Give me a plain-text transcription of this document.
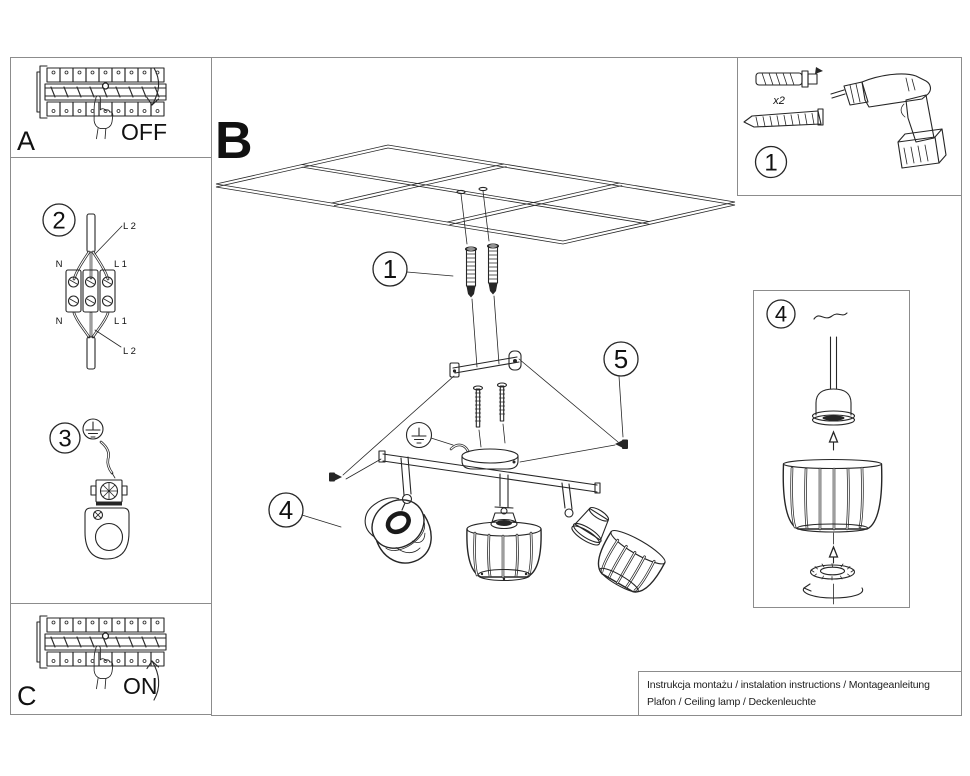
OFF
A
2	L 2
N	L 1
N	L 1
L 2
3
ON
C
B
1
5
4
x2
1
4
Instrukcja montażu / instalation instructions / Montageanleitung
Plafon / Ceiling lamp / Deckenleuchte
